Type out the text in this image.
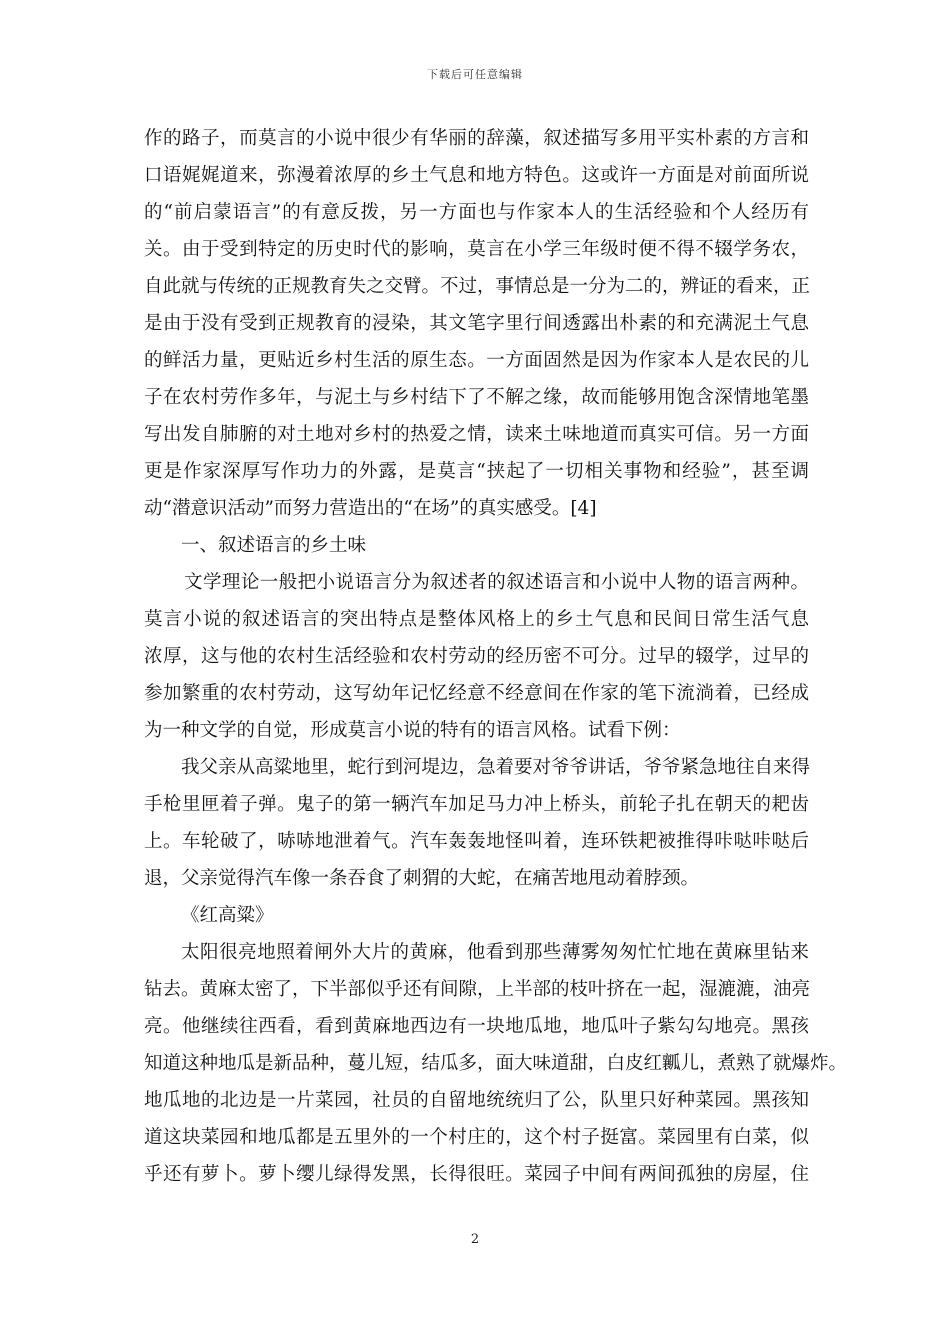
下载后可任意编辑
作的路子，而莫言的小说中很少有华丽的辞藻，叙述描写多用平实朴素的方言和
口语娓娓道来，弥漫着浓厚的乡土气息和地方特色。这或许一方面是对前面所说
的“前启蒙语言”的有意反拨，另一方面也与作家本人的生活经验和个人经历有
关。由于受到特定的历史时代的影响，莫言在小学三年级时便不得不辍学务农，
自此就与传统的正规教育失之交臂。不过，事情总是一分为二的，辨证的看来，正
是由于没有受到正规教育的浸染，其文笔字里行间透露出朴素的和充满泥土气息
的鲜活力量，更贴近乡村生活的原生态。一方面固然是因为作家本人是农民的儿
子在农村劳作多年，与泥土与乡村结下了不解之缘，故而能够用饱含深情地笔墨
写出发自肺腑的对土地对乡村的热爱之情，读来土味地道而真实可信。另一方面
更是作家深厚写作功力的外露，是莫言“挟起了一切相关事物和经验”，甚至调
动“潜意识活动”而努力营造出的“在场”的真实感受。[4]
一、叙述语言的乡土味
文学理论一般把小说语言分为叙述者的叙述语言和小说中人物的语言两种。
莫言小说的叙述语言的突出特点是整体风格上的乡土气息和民间日常生活气息
浓厚，这与他的农村生活经验和农村劳动的经历密不可分。过早的辍学，过早的
参加繁重的农村劳动，这写幼年记忆经意不经意间在作家的笔下流淌着，已经成
为一种文学的自觉，形成莫言小说的特有的语言风格。试看下例：
我父亲从高粱地里，蛇行到河堤边，急着要对爷爷讲话，爷爷紧急地往自来得
手枪里匣着子弹。鬼子的第一辆汽车加足马力冲上桥头，前轮子扎在朝天的耙齿
上。车轮破了，哧哧地泄着气。汽车轰轰地怪叫着，连环铁耙被推得咔哒咔哒后
退，父亲觉得汽车像一条吞食了刺猬的大蛇，在痛苦地甩动着脖颈。
《红高粱》
太阳很亮地照着闸外大片的黄麻，他看到那些薄雾匆匆忙忙地在黄麻里钻来
钻去。黄麻太密了，下半部似乎还有间隙，上半部的枝叶挤在一起，湿漉漉，油亮
亮。他继续往西看，看到黄麻地西边有一块地瓜地，地瓜叶子紫勾勾地亮。黑孩
知道这种地瓜是新品种，蔓儿短，结瓜多，面大味道甜，白皮红瓤儿，煮熟了就爆炸。
地瓜地的北边是一片菜园，社员的自留地统统归了公，队里只好种菜园。黑孩知
道这块菜园和地瓜都是五里外的一个村庄的，这个村子挺富。菜园里有白菜，似
乎还有萝卜。萝卜缨儿绿得发黑，长得很旺。菜园子中间有两间孤独的房屋，住
2
